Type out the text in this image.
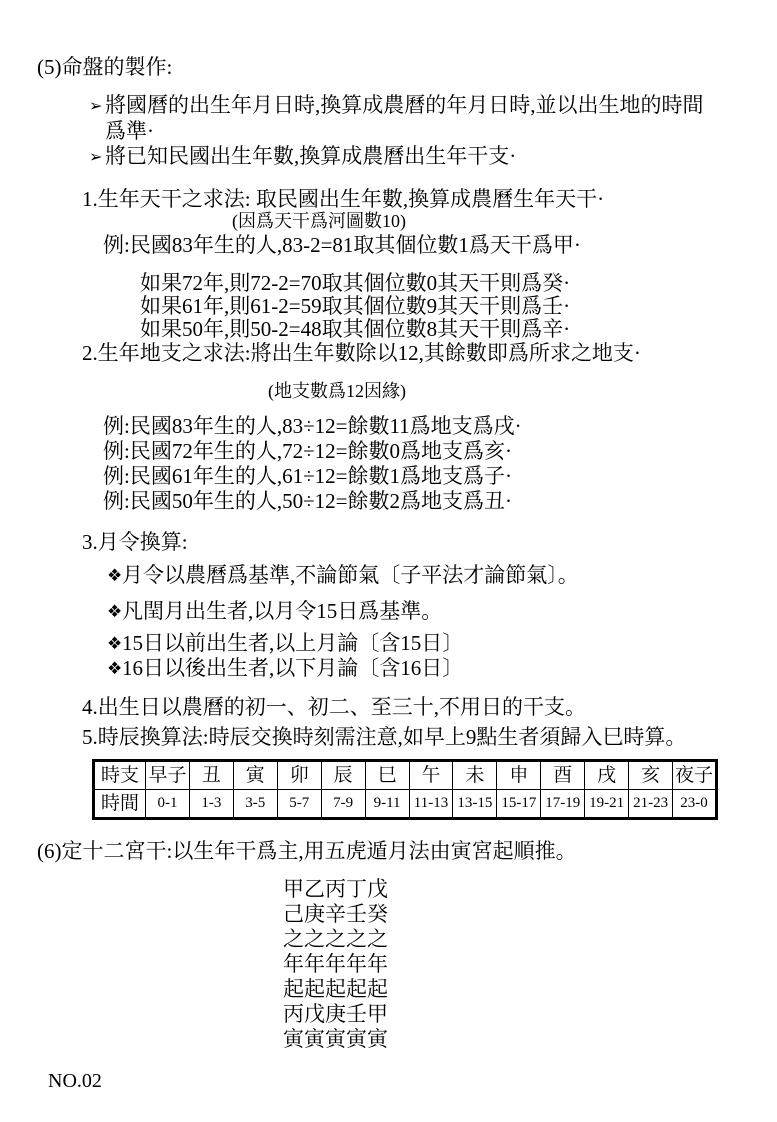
(5)命盤的製作:
➢ 將國曆的出生年月日時,換算成農曆的年月日時,並以出生地的時間
爲準·
➢ 將已知民國出生年數,換算成農曆出生年干支·
1.生年天干之求法: 取民國出生年數,換算成農曆生年天干·
(因爲天干爲河圖數10)
例:民國83年生的人,83-2=81取其個位數1爲天干爲甲·
如果72年,則72-2=70取其個位數0其天干則爲癸·
如果61年,則61-2=59取其個位數9其天干則爲壬·
如果50年,則50-2=48取其個位數8其天干則爲辛·
2.生年地支之求法:將出生年數除以12,其餘數即爲所求之地支·
(地支數爲12因緣)
例:民國83年生的人,83÷12=餘數11爲地支爲戌·
例:民國72年生的人,72÷12=餘數0爲地支爲亥·
例:民國61年生的人,61÷12=餘數1爲地支爲子·
例:民國50年生的人,50÷12=餘數2爲地支爲丑·
3.月令換算:
❖月令以農曆爲基準,不論節氣〔子平法才論節氣〕。
❖凡閏月出生者,以月令15日爲基準。
❖15日以前出生者,以上月論〔含15日〕
❖16日以後出生者,以下月論〔含16日〕
4.出生日以農曆的初一、初二、至三十,不用日的干支。
5.時辰換算法:時辰交換時刻需注意,如早上9點生者須歸入巳時算。
時支	早子	丑	寅	卯	辰	巳	午	未	申	酉	戌	亥	夜子
時間	0-1	1-3	3-5	5-7	7-9	9-11	11-13	13-15	15-17	17-19	19-21	21-23	23-0
(6)定十二宮干:以生年干爲主,用五虎遁月法由寅宮起順推。
甲乙丙丁戊
己庚辛壬癸
之之之之之
年年年年年
起起起起起
丙戊庚壬甲
寅寅寅寅寅
NO.02
